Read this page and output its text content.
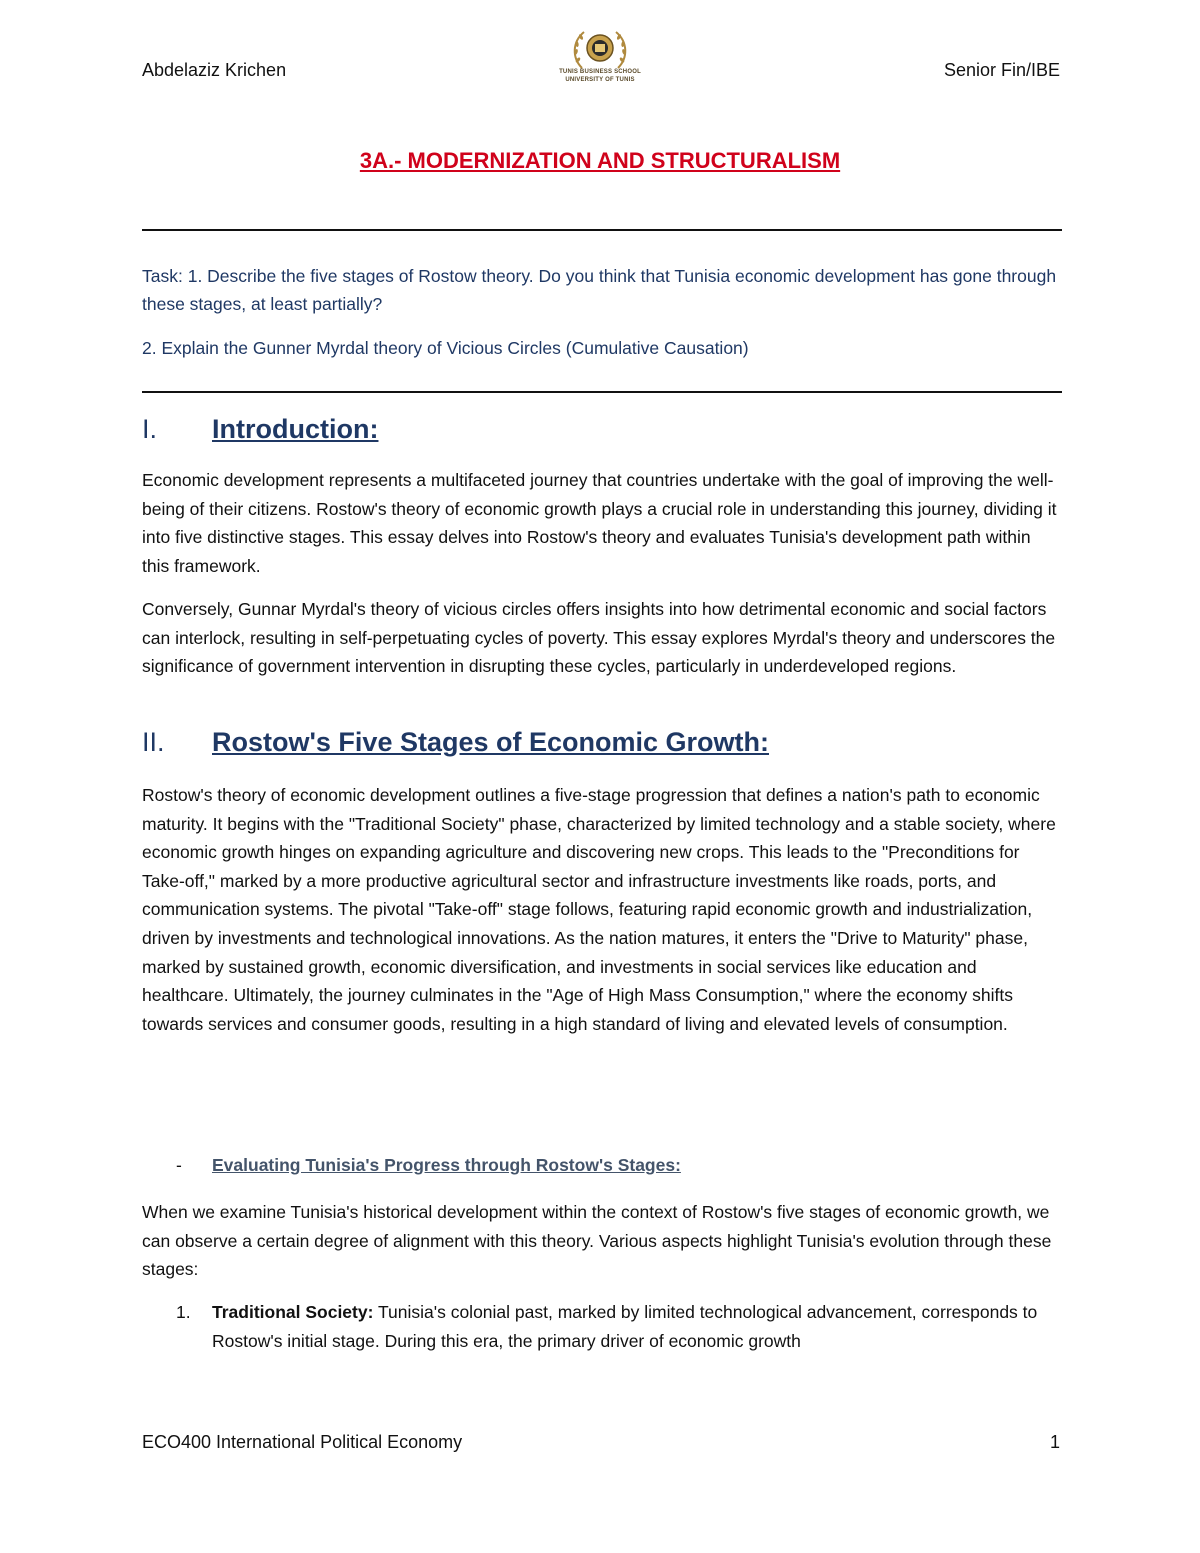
Abdelaziz Krichen	TUNIS BUSINESS SCHOOL UNIVERSITY OF TUNIS	Senior Fin/IBE
3A.- MODERNIZATION AND STRUCTURALISM
Task: 1. Describe the five stages of Rostow theory. Do you think that Tunisia economic development has gone through these stages, at least partially?
2. Explain the Gunner Myrdal theory of Vicious Circles (Cumulative Causation)
I. Introduction:

Economic development represents a multifaceted journey that countries undertake with the goal of improving the well-being of their citizens. Rostow's theory of economic growth plays a crucial role in understanding this journey, dividing it into five distinctive stages. This essay delves into Rostow's theory and evaluates Tunisia's development path within this framework.

Conversely, Gunnar Myrdal's theory of vicious circles offers insights into how detrimental economic and social factors can interlock, resulting in self-perpetuating cycles of poverty. This essay explores Myrdal's theory and underscores the significance of government intervention in disrupting these cycles, particularly in underdeveloped regions.

II. Rostow's Five Stages of Economic Growth:

Rostow's theory of economic development outlines a five-stage progression that defines a nation's path to economic maturity. It begins with the "Traditional Society" phase, characterized by limited technology and a stable society, where economic growth hinges on expanding agriculture and discovering new crops. This leads to the "Preconditions for Take-off," marked by a more productive agricultural sector and infrastructure investments like roads, ports, and communication systems. The pivotal "Take-off" stage follows, featuring rapid economic growth and industrialization, driven by investments and technological innovations. As the nation matures, it enters the "Drive to Maturity" phase, marked by sustained growth, economic diversification, and investments in social services like education and healthcare. Ultimately, the journey culminates in the "Age of High Mass Consumption," where the economy shifts towards services and consumer goods, resulting in a high standard of living and elevated levels of consumption.

- Evaluating Tunisia's Progress through Rostow's Stages:

When we examine Tunisia's historical development within the context of Rostow's five stages of economic growth, we can observe a certain degree of alignment with this theory. Various aspects highlight Tunisia's evolution through these stages:

1. Traditional Society: Tunisia's colonial past, marked by limited technological advancement, corresponds to Rostow's initial stage. During this era, the primary driver of economic growth
ECO400 International Political Economy	1
